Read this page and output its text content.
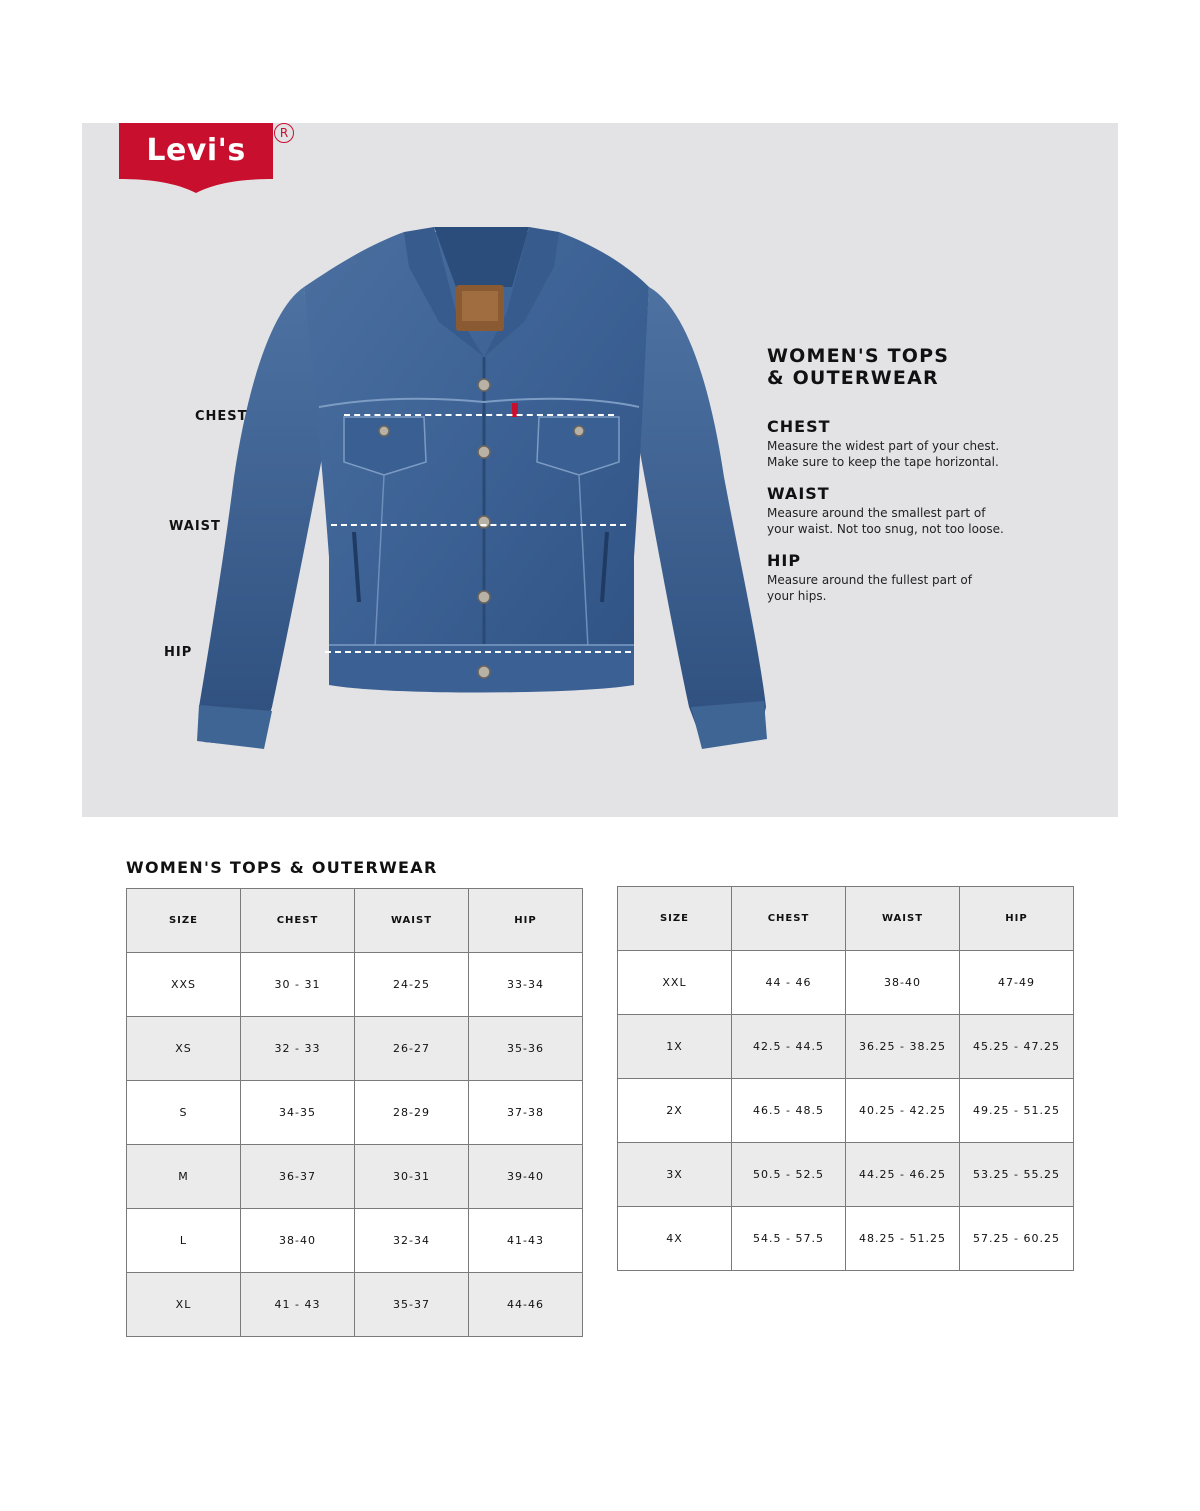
Levi's	R
CHEST
WAIST
HIP
WOMEN'S TOPS
& OUTERWEAR
CHEST

Measure the widest part of your chest.
Make sure to keep the tape horizontal.

WAIST

Measure around the smallest part of
your waist. Not too snug, not too loose.

HIP

Measure around the fullest part of
your hips.

WOMEN'S TOPS & OUTERWEAR
SIZE	CHEST	WAIST	HIP
XXS	30 - 31	24-25	33-34
XS	32 - 33	26-27	35-36
S	34-35	28-29	37-38
M	36-37	30-31	39-40
L	38-40	32-34	41-43
XL	41 - 43	35-37	44-46
SIZE	CHEST	WAIST	HIP
XXL	44 - 46	38-40	47-49
1X	42.5 - 44.5	36.25 - 38.25	45.25 - 47.25
2X	46.5 - 48.5	40.25 - 42.25	49.25 - 51.25
3X	50.5 - 52.5	44.25 - 46.25	53.25 - 55.25
4X	54.5 - 57.5	48.25 - 51.25	57.25 - 60.25
